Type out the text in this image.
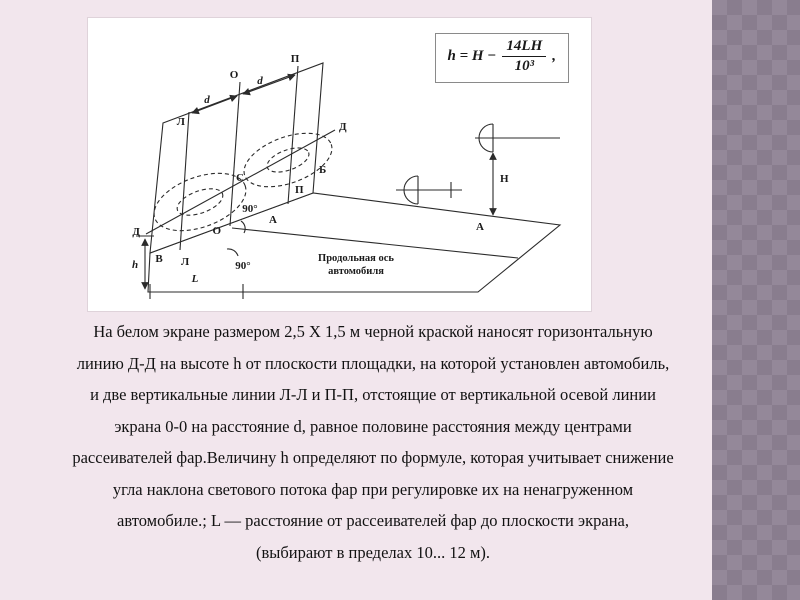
П
О
Л
d
d
Д
Д
Б
С
П
А
О
В Л
90°
90°
h
L
Н
А
Продольная ось
автомобиля
$h = H - \frac{14LH}{\text{10³}}$ ,
На белом экране размером 2,5 X 1,5 м черной краской наносят горизонтальную
линию Д-Д на высоте h от плоскости площадки, на которой установлен автомобиль,
и две вертикальные линии Л-Л и П-П, отстоящие от вертикальной осевой линии
экрана 0-0 на расстояние d, равное половине расстояния между центрами
рассеивателей фар.Величину h определяют по формуле, которая учитывает снижение
угла наклона светового потока фар при регулировке их на ненагруженном
автомобиле.; L — расстояние от рассеивателей фар до плоскости экрана,
(выбирают в пределах 10... 12 м).
